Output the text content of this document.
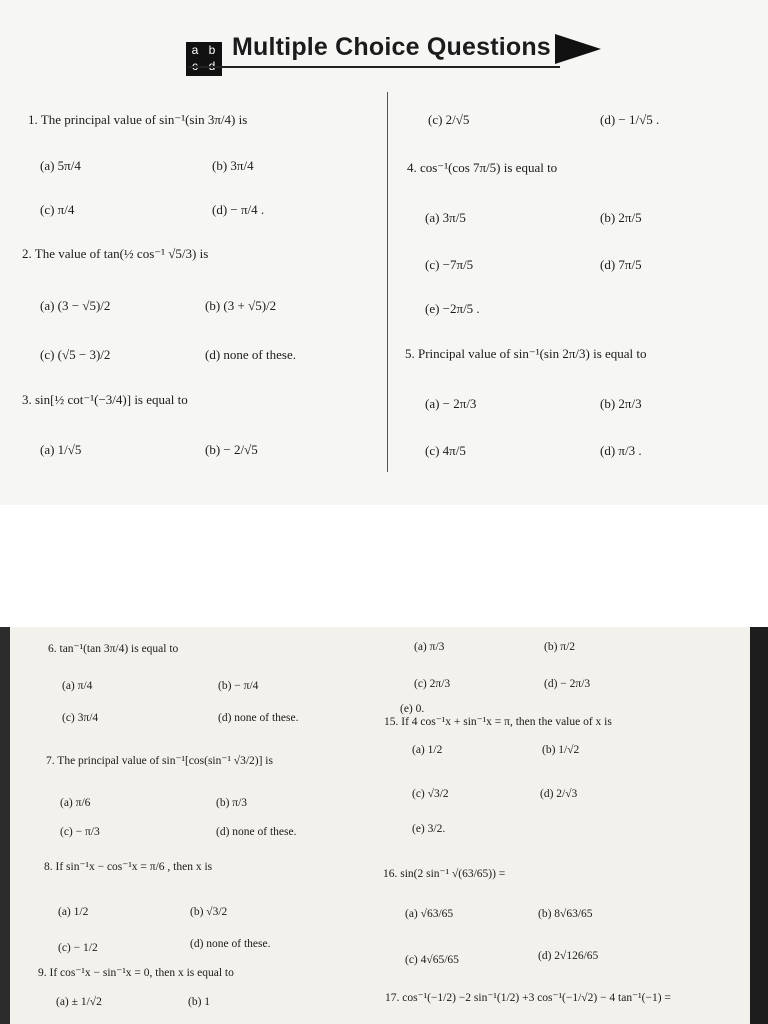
a b Multiple Choice Questions
1. The principal value of sin⁻¹(sin 3π/4) is
(a) 5π/4	(b) 3π/4
(c) π/4	(d) − π/4 .
2. The value of tan(½ cos⁻¹ √5/3) is
(a) (3 − √5)/2	(b) (3 + √5)/2
(c) (√5 − 3)/2	(d) none of these.
3. sin[½ cot⁻¹(−3/4)] is equal to
(a) 1/√5	(b) − 2/√5
(c) 2/√5	(d) − 1/√5 .
4. cos⁻¹(cos 7π/5) is equal to
(a) 3π/5	(b) 2π/5
(c) −7π/5	(d) 7π/5
(e) −2π/5 .
5. Principal value of sin⁻¹(sin 2π/3) is equal to
(a) − 2π/3	(b) 2π/3
(c) 4π/5	(d) π/3 .
6. tan⁻¹(tan 3π/4) is equal to
(a) π/4	(b) − π/4
(c) 3π/4	(d) none of these.
7. The principal value of sin⁻¹[cos(sin⁻¹ √3/2)] is
(a) π/6	(b) π/3
(c) − π/3	(d) none of these.
8. If sin⁻¹x − cos⁻¹x = π/6 , then x is
(a) 1/2	(b) √3/2
(c) − 1/2	(d) none of these.
9. If cos⁻¹x − sin⁻¹x = 0, then x is equal to
(a) ± 1/√2	(b) 1
(a) π/3	(b) π/2
(c) 2π/3	(d) − 2π/3
(e) 0.
15. If 4 cos⁻¹x + sin⁻¹x = π, then the value of x is
(a) 1/2	(b) 1/√2
(c) √3/2	(d) 2/√3
(e) 3/2.
16. sin(2 sin⁻¹ √(63/65)) =
(a) √63/65	(b) 8√63/65
(c) 4√65/65	(d) 2√126/65
17. cos⁻¹(−1/2) −2 sin⁻¹(1/2) +3 cos⁻¹(−1/√2) − 4 tan⁻¹(−1) =
